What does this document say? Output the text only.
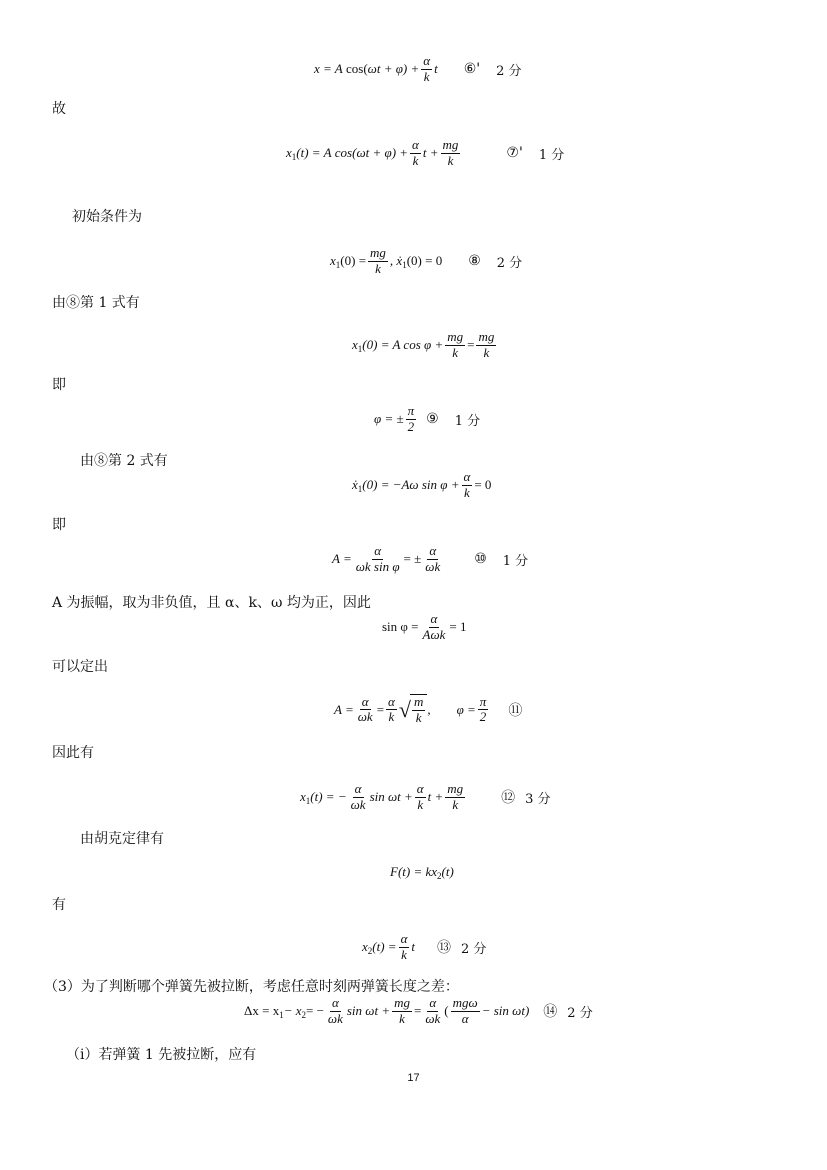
x = A
cos( $\omega t + \varphi) + \frac{\alpha}{k}$ t ⑥' 2 分
故
x 1 (t) = A
$\cos(\omega t + \varphi) + \frac{\alpha}{k}$ $t + \frac{mg}{k}$	⑦' 1 分
初始条件为
x 1 $(0) = \frac{mg}{k}$ , ẋ 1 (0) = 0 ⑧ 2 分
由⑧第 1 式有
x 1 (0) = A $\cos \varphi + \frac{mg}{k} = \frac{mg}{k}$
即
φ = ± $\frac{\pi}{2}$ ⑨ 1 分
由⑧第 2 式有
ẋ 1 (0) = −Aω $\sin \varphi + \frac{\alpha}{k} = 0$
即
$A = \frac{\alpha}{\text{ωk sin φ}}$ = ± $\frac{\alpha}{\omega k}$ ⑩ 1 分
A 为振幅，取为非负值，且 α、k、ω 均为正，因此
$\sin \varphi = \frac{\alpha}{\text{Aωk}} = 1$
可以定出
$A = \frac{\alpha}{\omega k} = \frac{\alpha}{k}$ √ $\frac{m}{k}$ , $\varphi = \frac{\pi}{2}$ ⑪
因此有
x 1 (t) = − $\frac{\alpha}{\omega k}$ $\sin \omega t + \frac{\alpha}{k}$ $t + \frac{mg}{k}$	⑫ 3 分
由胡克定律有
F(t) = kx 2 (t)
有
x 2 $(t) = \frac{\alpha}{k}$ t ⑬ 2 分
（3）为了判断哪个弹簧先被拉断，考虑任意时刻两弹簧长度之差：
Δx = x 1 − x 2 = − $\frac{\alpha}{\omega k}$ $\sin \omega t + \frac{mg}{k} = \frac{\alpha}{\omega k}$ ( $\frac{\text{mgω}}{\alpha} - \sin \omega t$) ⑭ 2 分
（i）若弹簧 1 先被拉断，应有
17
